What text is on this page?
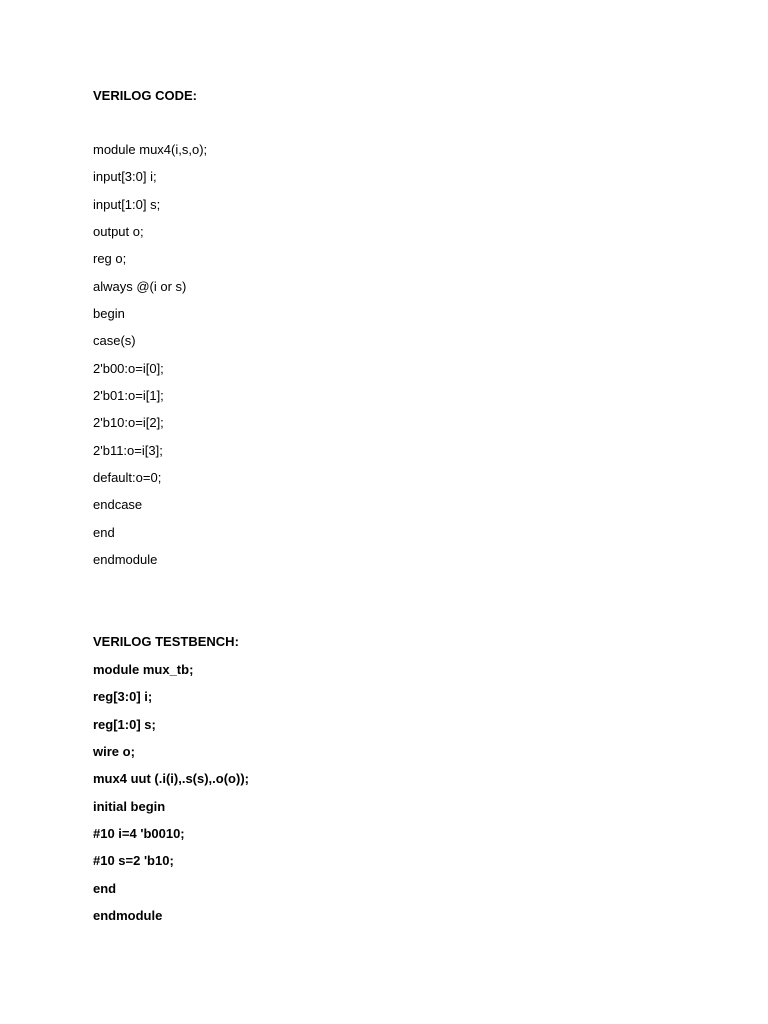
VERILOG CODE:
module mux4(i,s,o);
input[3:0] i;
input[1:0] s;
output o;
reg o;
always @(i or s)
begin
case(s)
2'b00:o=i[0];
2'b01:o=i[1];
2'b10:o=i[2];
2'b11:o=i[3];
default:o=0;
endcase
end
endmodule
VERILOG TESTBENCH:
module mux_tb;
reg[3:0] i;
reg[1:0] s;
wire o;
mux4 uut (.i(i),.s(s),.o(o));
initial begin
#10 i=4 'b0010;
#10 s=2 'b10;
end
endmodule
